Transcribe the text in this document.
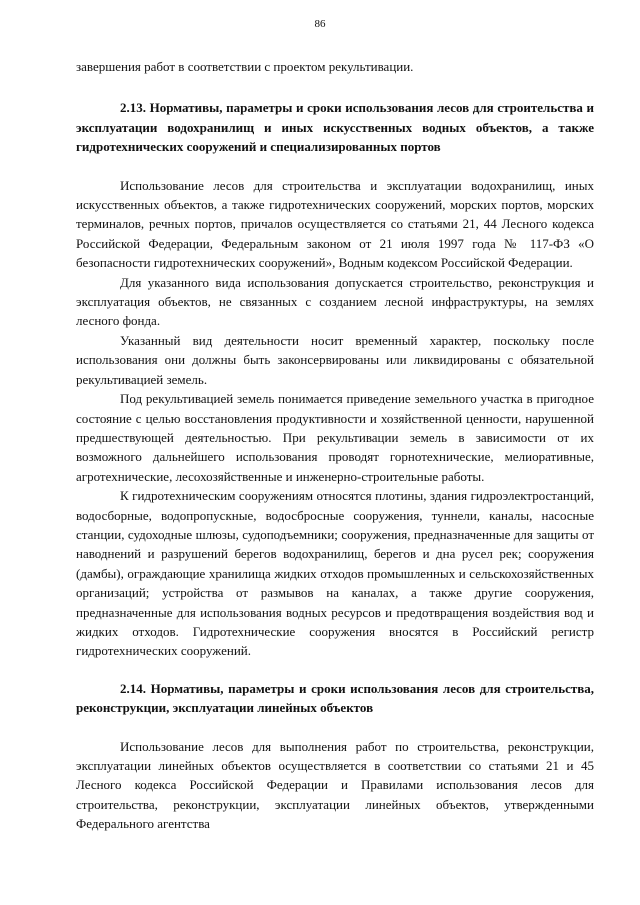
86

завершения работ в соответствии с проектом рекультивации.

2.13. Нормативы, параметры и сроки использования лесов для строительства и эксплуатации водохранилищ и иных искусственных водных объектов, а также гидротехнических сооружений и специализированных портов

Использование лесов для строительства и эксплуатации водохранилищ, иных искусственных объектов, а также гидротехнических сооружений, морских портов, морских терминалов, речных портов, причалов осуществляется со статьями 21, 44 Лесного кодекса Российской Федерации, Федеральным законом от 21 июля 1997 года № 117-ФЗ «О безопасности гидротехнических сооружений», Водным кодексом Российской Федерации.

Для указанного вида использования допускается строительство, реконструкция и эксплуатация объектов, не связанных с созданием лесной инфраструктуры, на землях лесного фонда.

Указанный вид деятельности носит временный характер, поскольку после использования они должны быть законсервированы или ликвидированы с обязательной рекультивацией земель.

Под рекультивацией земель понимается приведение земельного участка в пригодное состояние с целью восстановления продуктивности и хозяйственной ценности, нарушенной предшествующей деятельностью. При рекультивации земель в зависимости от их возможного дальнейшего использования проводят горнотехнические, мелиоративные, агротехнические, лесохозяйственные и инженерно-строительные работы.

К гидротехническим сооружениям относятся плотины, здания гидроэлектростанций, водосборные, водопропускные, водосбросные сооружения, туннели, каналы, насосные станции, судоходные шлюзы, судоподъемники; сооружения, предназначенные для защиты от наводнений и разрушений берегов водохранилищ, берегов и дна русел рек; сооружения (дамбы), ограждающие хранилища жидких отходов промышленных и сельскохозяйственных организаций; устройства от размывов на каналах, а также другие сооружения, предназначенные для использования водных ресурсов и предотвращения воздействия вод и жидких отходов. Гидротехнические сооружения вносятся в Российский регистр гидротехнических сооружений.

2.14. Нормативы, параметры и сроки использования лесов для строительства, реконструкции, эксплуатации линейных объектов

Использование лесов для выполнения работ по строительства, реконструкции, эксплуатации линейных объектов осуществляется в соответствии со статьями 21 и 45 Лесного кодекса Российской Федерации и Правилами использования лесов для строительства, реконструкции, эксплуатации линейных объектов, утвержденными Федерального агентства
